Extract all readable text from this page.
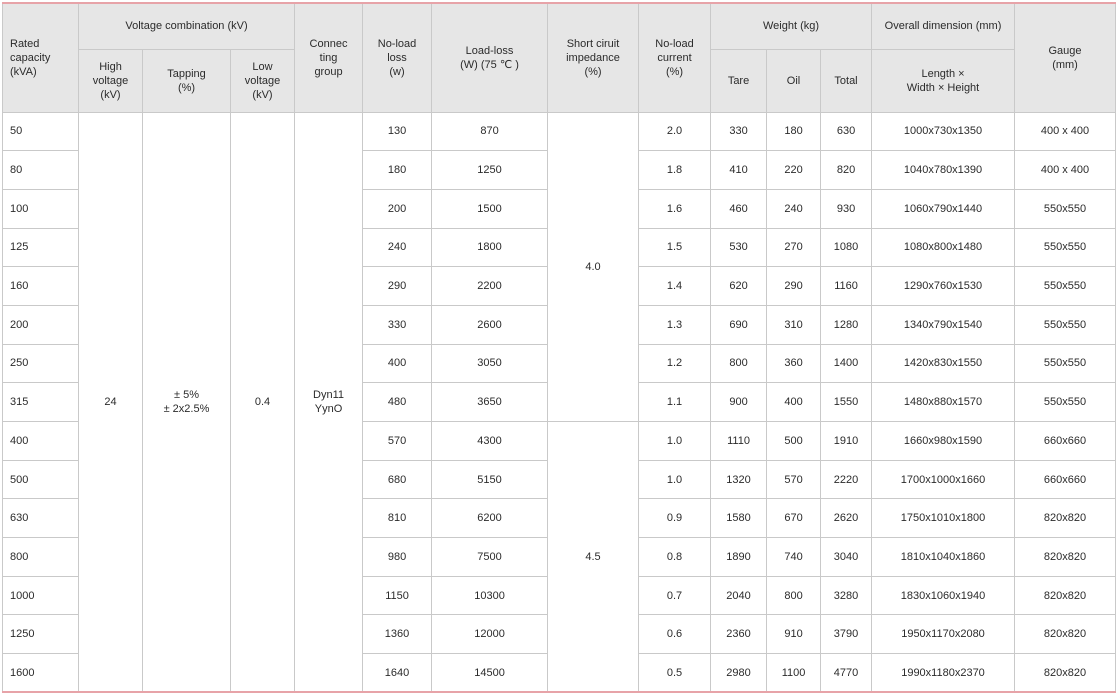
Rated
capacity
(kVA)	Voltage combination (kV)			Connec
ting
group	No-load
loss
(w)	Load-loss
(W) (75 ℃ )	Short ciruit
impedance
(%)	No-load
current
(%)	Weight (kg)			Overall dimension (mm)	Gauge
(mm)
	High
voltage
(kV)	Tapping
(%)	Low
voltage
(kV)						Tare	Oil	Total	Length ×
Width × Height	
50	24	± 5%
± 2x2.5%	0.4	Dyn11
YynO	130	870	4.0	2.0	330	180	630	1000x730x1350	400 x 400
80					180	1250		1.8	410	220	820	1040x780x1390	400 x 400
100					200	1500		1.6	460	240	930	1060x790x1440	550x550
125					240	1800		1.5	530	270	1080	1080x800x1480	550x550
160					290	2200		1.4	620	290	1160	1290x760x1530	550x550
200					330	2600		1.3	690	310	1280	1340x790x1540	550x550
250					400	3050		1.2	800	360	1400	1420x830x1550	550x550
315					480	3650		1.1	900	400	1550	1480x880x1570	550x550
400					570	4300	4.5	1.0	1110	500	1910	1660x980x1590	660x660
500					680	5150		1.0	1320	570	2220	1700x1000x1660	660x660
630					810	6200		0.9	1580	670	2620	1750x1010x1800	820x820
800					980	7500		0.8	1890	740	3040	1810x1040x1860	820x820
1000					1150	10300		0.7	2040	800	3280	1830x1060x1940	820x820
1250					1360	12000		0.6	2360	910	3790	1950x1170x2080	820x820
1600					1640	14500		0.5	2980	1100	4770	1990x1180x2370	820x820
